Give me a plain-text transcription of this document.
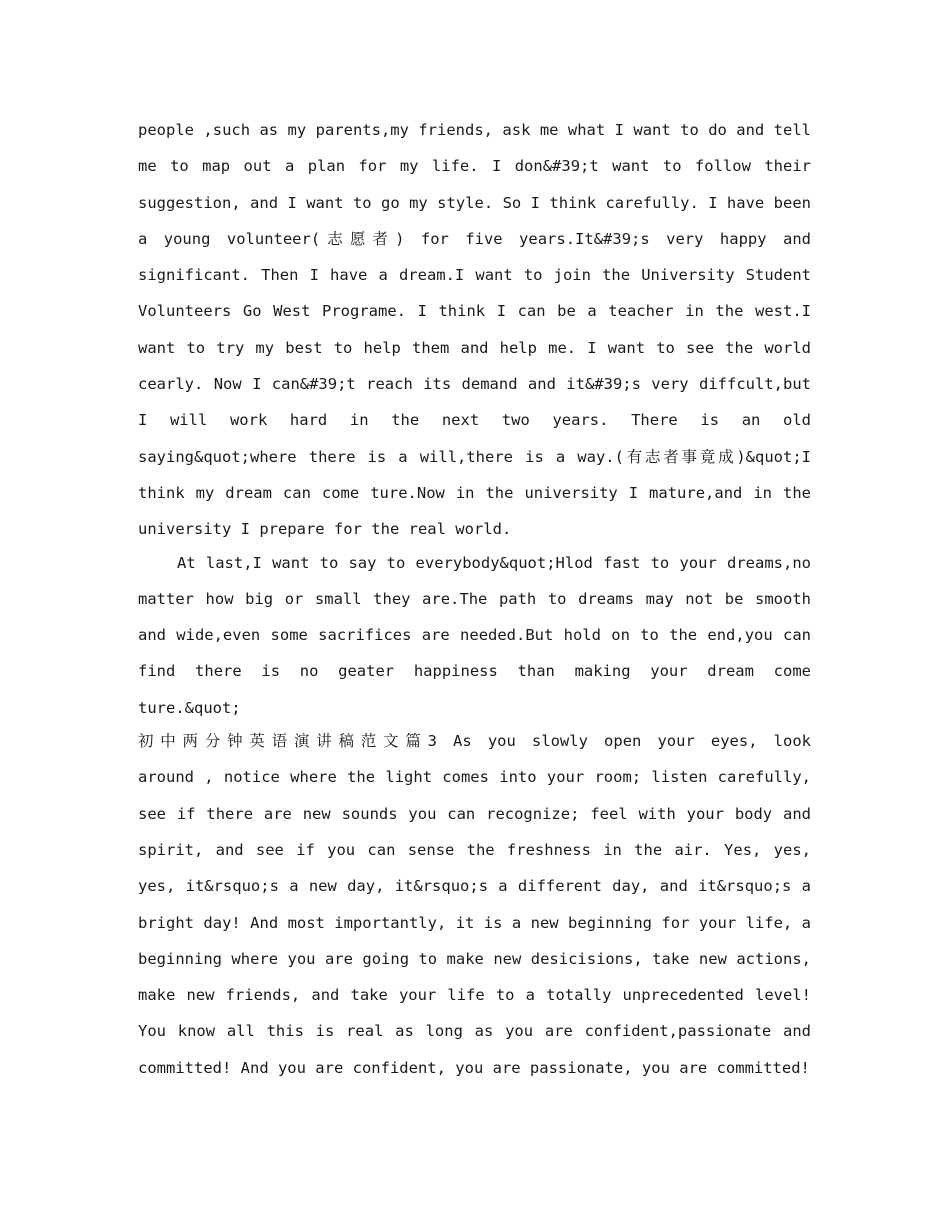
people ,such as my parents,my friends, ask me what I want to do and tell
me to map out a plan for my life. I don&#39;t want to follow their
suggestion, and I want to go my style. So I think carefully. I have been
a young volunteer(志愿者) for five years.It&#39;s very happy and
significant. Then I have a dream.I want to join the University Student
Volunteers Go West Programe. I think I can be a teacher in the west.I
want to try my best to help them and help me. I want to see the world
cearly. Now I can&#39;t reach its demand and it&#39;s very diffcult,but
I will work hard in the next two years. There is an old
saying&quot;where there is a will,there is a way.(有志者事竟成)&quot;I
think my dream can come ture.Now in the university I mature,and in the
university I prepare for the real world.
At last,I want to say to everybody&quot;Hlod fast to your dreams,no
matter how big or small they are.The path to dreams may not be smooth
and wide,even some sacrifices are needed.But hold on to the end,you can
find there is no geater happiness than making your dream come
ture.&quot;
初中两分钟英语演讲稿范文篇3 As you slowly open your eyes, look
around , notice where the light comes into your room; listen carefully,
see if there are new sounds you can recognize; feel with your body and
spirit, and see if you can sense the freshness in the air. Yes, yes,
yes, it&rsquo;s a new day, it&rsquo;s a different day, and it&rsquo;s a
bright day! And most importantly, it is a new beginning for your life, a
beginning where you are going to make new desicisions, take new actions,
make new friends, and take your life to a totally unprecedented level!
You know all this is real as long as you are confident,passionate and
committed! And you are confident, you are passionate, you are committed!
